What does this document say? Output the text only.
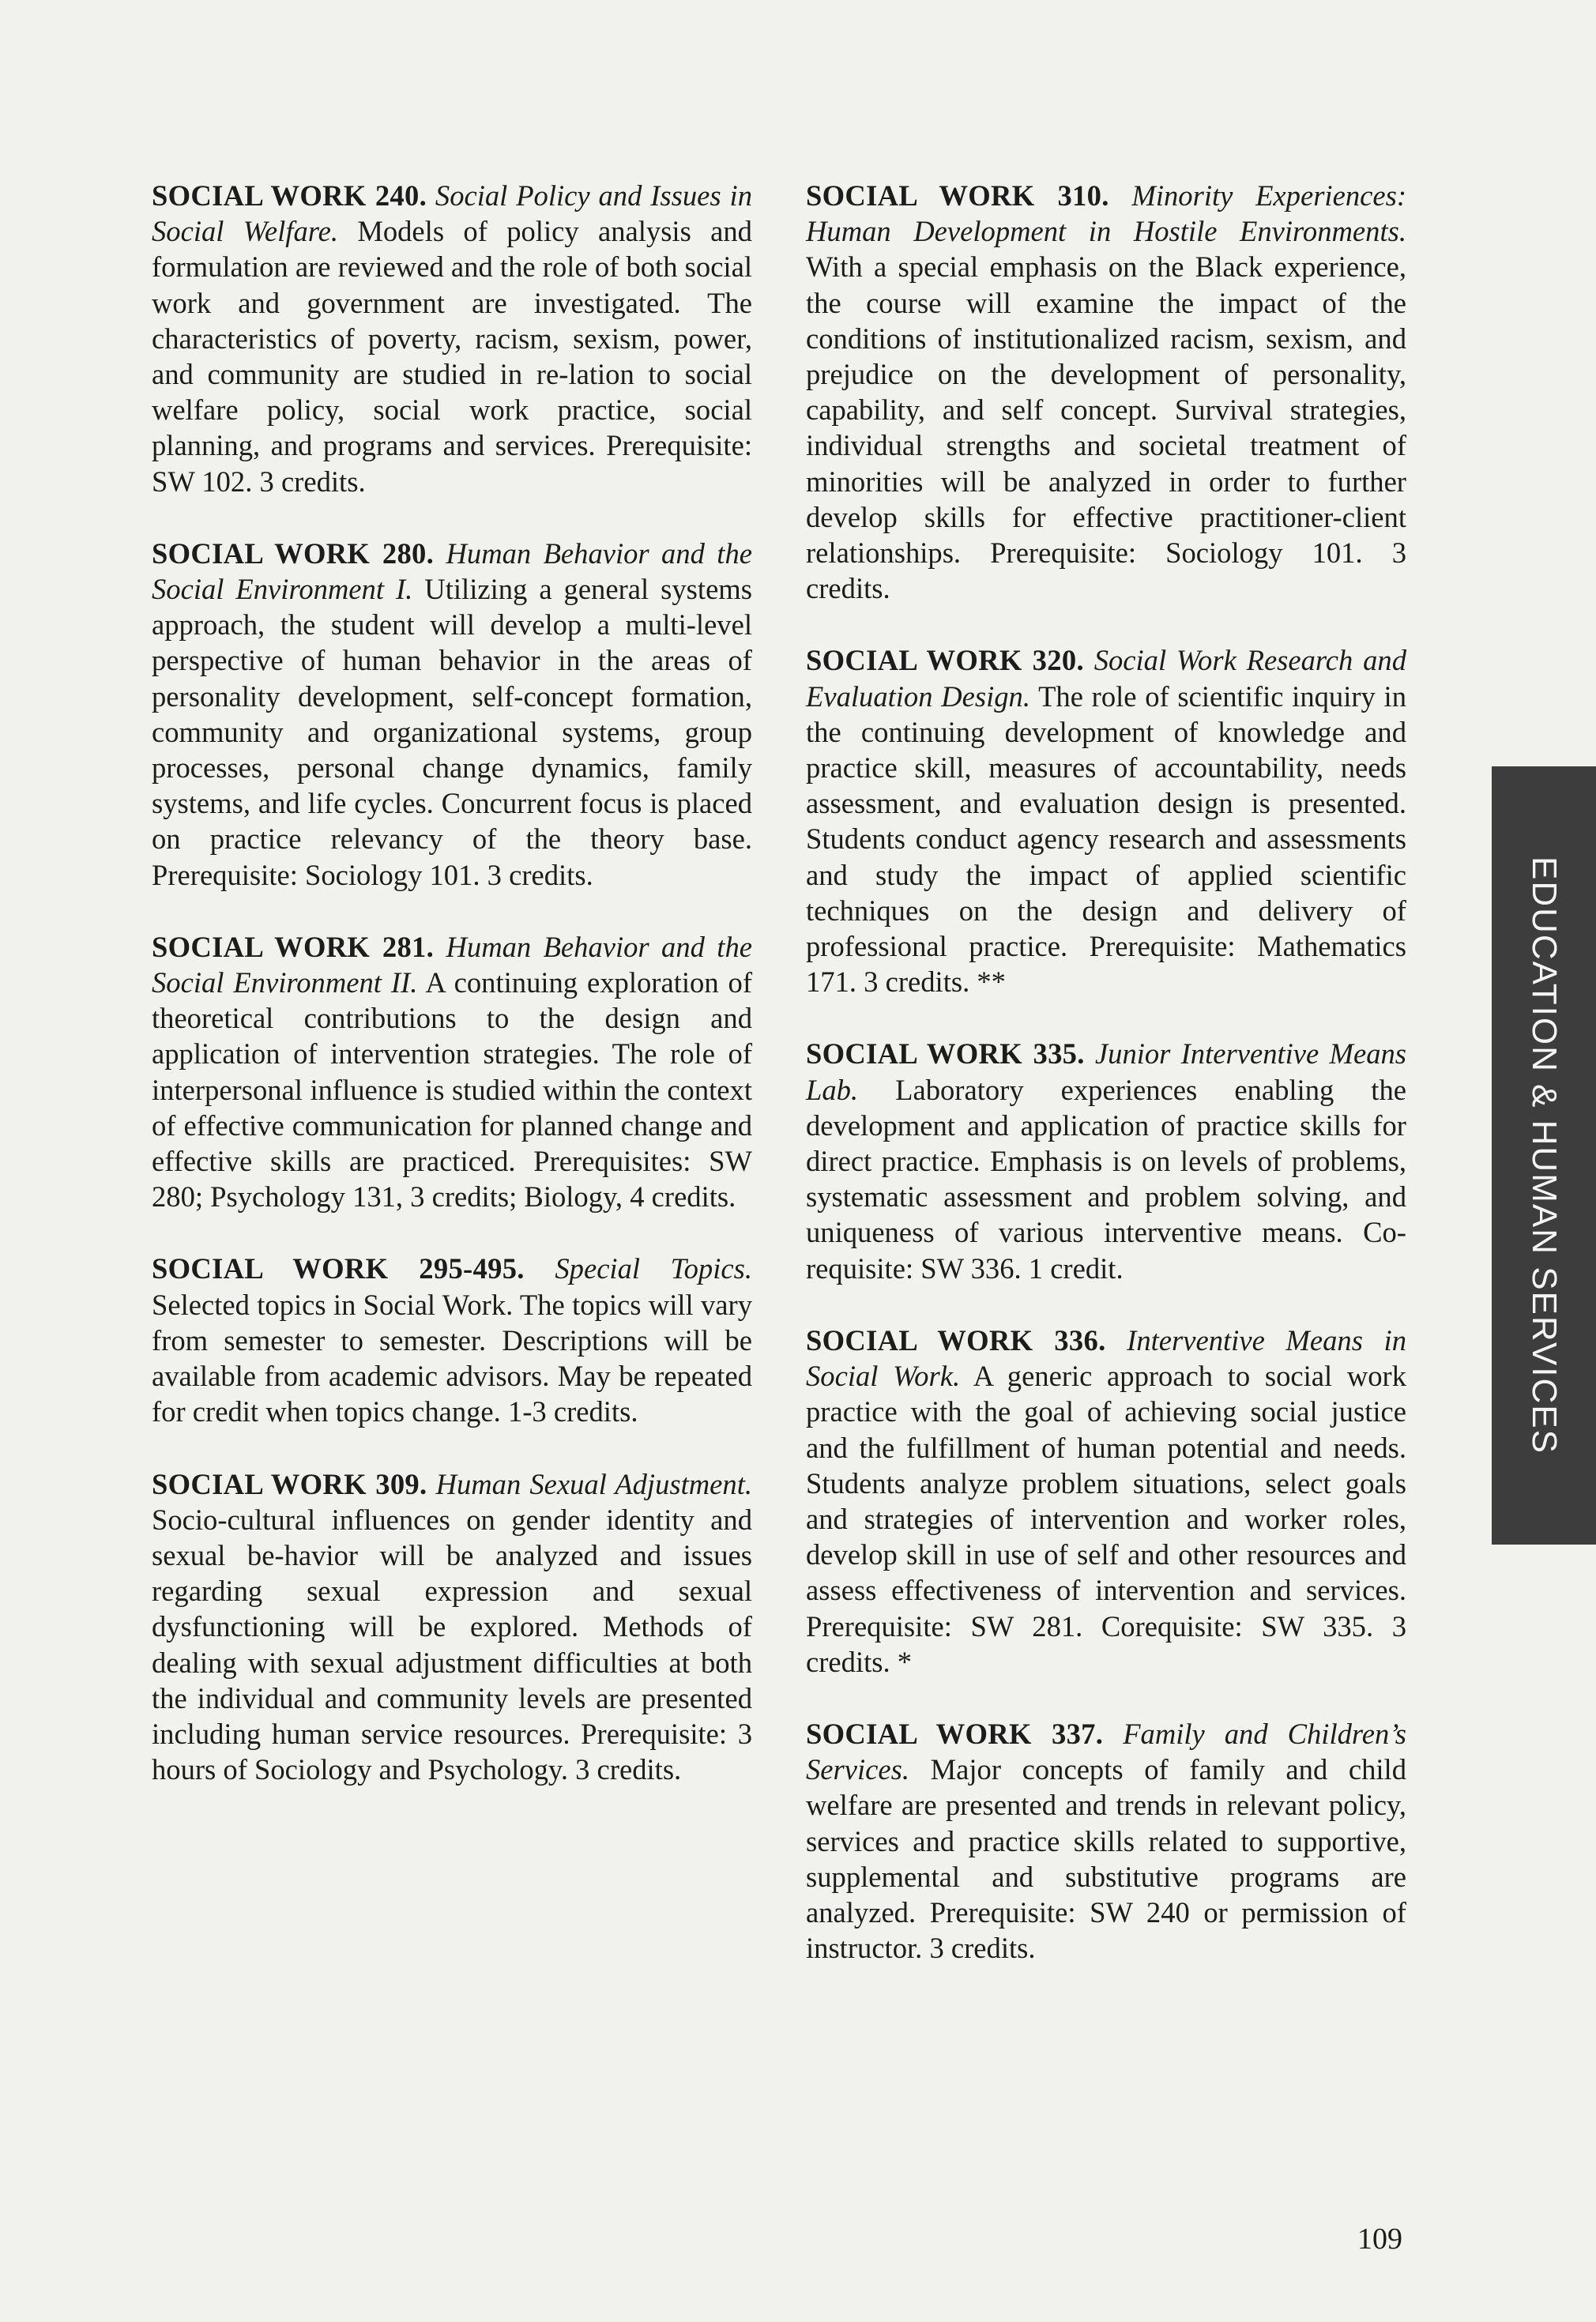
SOCIAL WORK 240. Social Policy and Issues in Social Welfare. Models of policy analysis and formulation are reviewed and the role of both social work and government are investigated. The characteristics of poverty, racism, sexism, power, and community are studied in re-lation to social welfare policy, social work practice, social planning, and programs and services. Prerequisite: SW 102. 3 credits.

SOCIAL WORK 280. Human Behavior and the Social Environment I. Utilizing a general systems approach, the student will develop a multi-level perspective of human behavior in the areas of personality development, self-concept formation, community and organizational systems, group processes, personal change dynamics, family systems, and life cycles. Concurrent focus is placed on practice relevancy of the theory base. Prerequisite: Sociology 101. 3 credits.

SOCIAL WORK 281. Human Behavior and the Social Environment II. A continuing exploration of theoretical contributions to the design and application of intervention strategies. The role of interpersonal influence is studied within the context of effective communication for planned change and effective skills are practiced. Prerequisites: SW 280; Psychology 131, 3 credits; Biology, 4 credits.

SOCIAL WORK 295-495. Special Topics. Selected topics in Social Work. The topics will vary from semester to semester. Descriptions will be available from academic advisors. May be repeated for credit when topics change. 1-3 credits.

SOCIAL WORK 309. Human Sexual Adjustment. Socio-cultural influences on gender identity and sexual be-havior will be analyzed and issues regarding sexual expression and sexual dysfunctioning will be explored. Methods of dealing with sexual adjustment difficulties at both the individual and community levels are presented including human service resources. Prerequisite: 3 hours of Sociology and Psychology. 3 credits.

SOCIAL WORK 310. Minority Experiences: Human Development in Hostile Environments. With a special emphasis on the Black experience, the course will examine the impact of the conditions of institutionalized racism, sexism, and prejudice on the development of personality, capability, and self concept. Survival strategies, individual strengths and societal treatment of minorities will be analyzed in order to further develop skills for effective practitioner-client relationships. Prerequisite: Sociology 101. 3 credits.

SOCIAL WORK 320. Social Work Research and Evaluation Design. The role of scientific inquiry in the continuing development of knowledge and practice skill, measures of accountability, needs assessment, and evaluation design is presented. Students conduct agency research and assessments and study the impact of applied scientific techniques on the design and delivery of professional practice. Prerequisite: Mathematics 171. 3 credits. **

SOCIAL WORK 335. Junior Interventive Means Lab. Laboratory experiences enabling the development and application of practice skills for direct practice. Emphasis is on levels of problems, systematic assessment and problem solving, and uniqueness of various interventive means. Co-requisite: SW 336. 1 credit.

SOCIAL WORK 336. Interventive Means in Social Work. A generic approach to social work practice with the goal of achieving social justice and the fulfillment of human potential and needs. Students analyze problem situations, select goals and strategies of intervention and worker roles, develop skill in use of self and other resources and assess effectiveness of intervention and services. Prerequisite: SW 281. Corequisite: SW 335. 3 credits. *

SOCIAL WORK 337. Family and Children’s Services. Major concepts of family and child welfare are presented and trends in relevant policy, services and practice skills related to supportive, supplemental and substitutive programs are analyzed. Prerequisite: SW 240 or permission of instructor. 3 credits.

EDUCATION & HUMAN SERVICES
109
